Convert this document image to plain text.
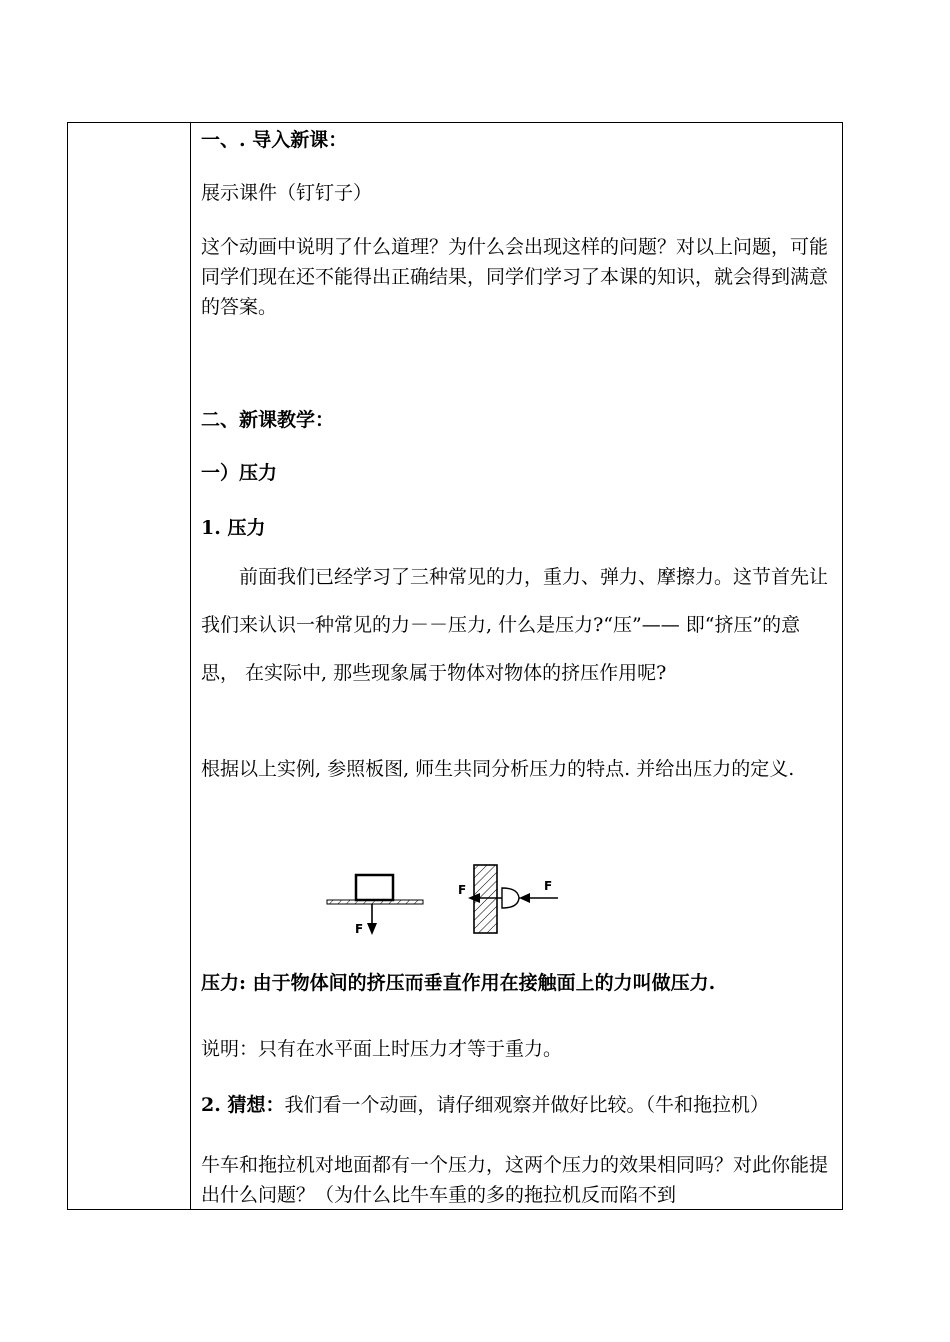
一、. 导入新课：
展示课件（钉钉子）
这个动画中说明了什么道理？为什么会出现这样的问题？对以上问题，可能同学们现在还不能得出正确结果，同学们学习了本课的知识，就会得到满意的答案。
二、新课教学：
一）压力
1. 压力
前面我们已经学习了三种常见的力，重力、弹力、摩擦力。这节首先让我们来认识一种常见的力－－压力, 什么是压力?“压”—— 即“挤压”的意思， 在实际中, 那些现象属于物体对物体的挤压作用呢?
根据以上实例, 参照板图, 师生共同分析压力的特点. 并给出压力的定义.
压力: 由于物体间的挤压而垂直作用在接触面上的力叫做压力.
说明：只有在水平面上时压力才等于重力。
2. 猜想：我们看一个动画，请仔细观察并做好比较。（牛和拖拉机）
牛车和拖拉机对地面都有一个压力，这两个压力的效果相同吗？对此你能提出什么问题？（为什么比牛车重的多的拖拉机反而陷不到
F
F	F
